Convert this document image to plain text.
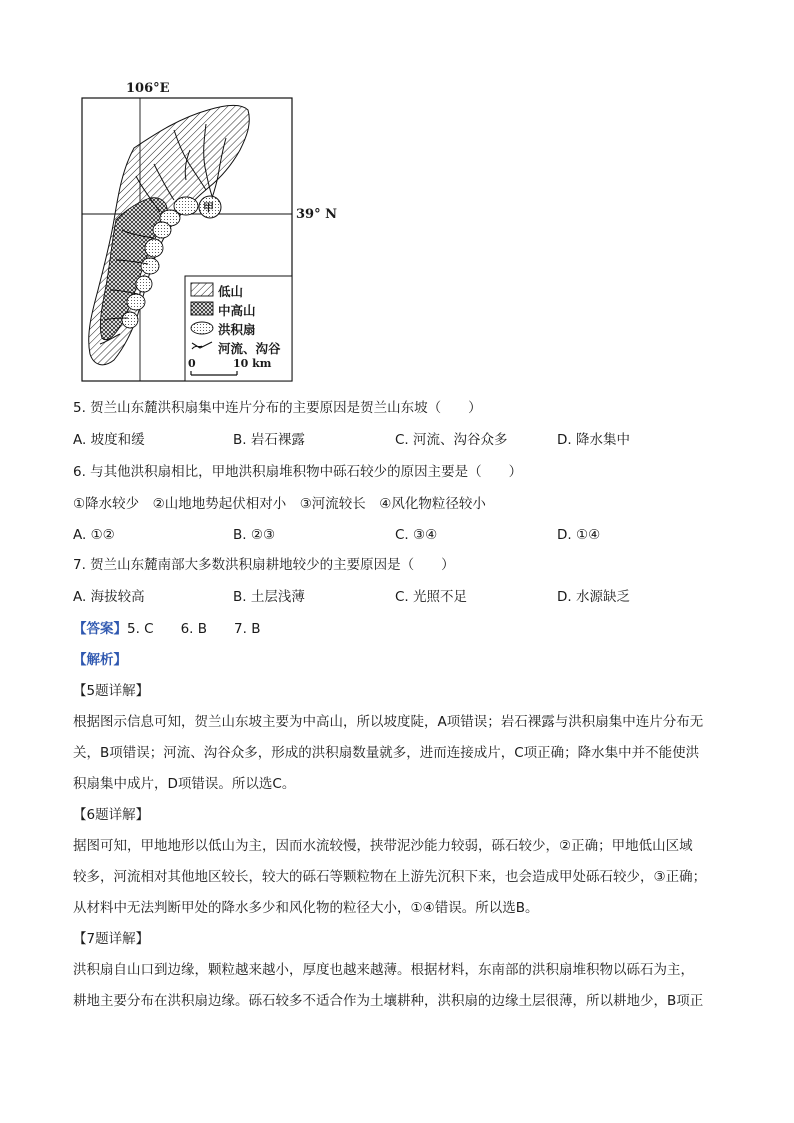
106°E
39° N
甲
低山
中高山
洪积扇
河流、沟谷
0	10 km
5. 贺兰山东麓洪积扇集中连片分布的主要原因是贺兰山东坡（　　）
A. 坡度和缓	B. 岩石裸露	C. 河流、沟谷众多	D. 降水集中
6. 与其他洪积扇相比，甲地洪积扇堆积物中砾石较少的原因主要是（　　）
①降水较少　②山地地势起伏相对小　③河流较长　④风化物粒径较小
A. ①②	B. ②③	C. ③④	D. ①④
7. 贺兰山东麓南部大多数洪积扇耕地较少的主要原因是（　　）
A. 海拔较高	B. 土层浅薄	C. 光照不足	D. 水源缺乏
【答案】5. C　　6. B　　7. B
【解析】
【5题详解】
根据图示信息可知，贺兰山东坡主要为中高山，所以坡度陡，A项错误；岩石裸露与洪积扇集中连片分布无
关，B项错误；河流、沟谷众多，形成的洪积扇数量就多，进而连接成片，C项正确；降水集中并不能使洪
积扇集中成片，D项错误。所以选C。
【6题详解】
据图可知，甲地地形以低山为主，因而水流较慢，挟带泥沙能力较弱，砾石较少，②正确；甲地低山区域
较多，河流相对其他地区较长，较大的砾石等颗粒物在上游先沉积下来，也会造成甲处砾石较少，③正确；
从材料中无法判断甲处的降水多少和风化物的粒径大小，①④错误。所以选B。
【7题详解】
洪积扇自山口到边缘，颗粒越来越小，厚度也越来越薄。根据材料，东南部的洪积扇堆积物以砾石为主，
耕地主要分布在洪积扇边缘。砾石较多不适合作为土壤耕种，洪积扇的边缘土层很薄，所以耕地少，B项正
